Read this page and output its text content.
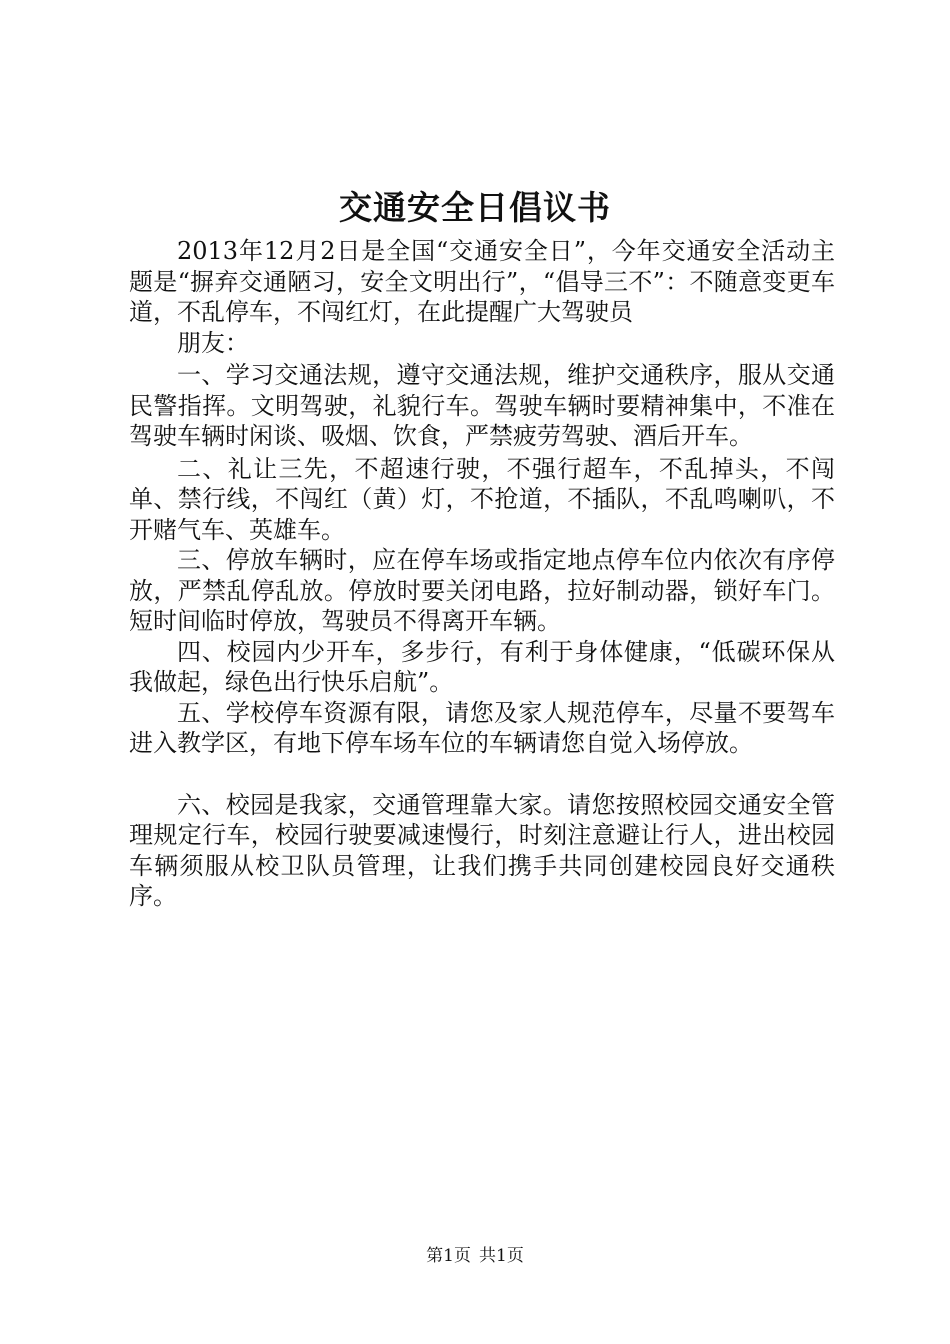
交通安全日倡议书

2013年12月2日是全国“交通安全日”，今年交通安全活动主题是“摒弃交通陋习，安全文明出行”，“倡导三不”：不随意变更车道，不乱停车，不闯红灯，在此提醒广大驾驶员

朋友：

一、学习交通法规，遵守交通法规，维护交通秩序，服从交通民警指挥。文明驾驶，礼貌行车。驾驶车辆时要精神集中，不准在驾驶车辆时闲谈、吸烟、饮食，严禁疲劳驾驶、酒后开车。

二、礼让三先，不超速行驶，不强行超车，不乱掉头，不闯单、禁行线，不闯红（黄）灯，不抢道，不插队，不乱鸣喇叭，不开赌气车、英雄车。

三、停放车辆时，应在停车场或指定地点停车位内依次有序停放，严禁乱停乱放。停放时要关闭电路，拉好制动器，锁好车门。短时间临时停放，驾驶员不得离开车辆。

四、校园内少开车，多步行，有利于身体健康，“低碳环保从我做起，绿色出行快乐启航”。

五、学校停车资源有限，请您及家人规范停车，尽量不要驾车进入教学区，有地下停车场车位的车辆请您自觉入场停放。

六、校园是我家，交通管理靠大家。请您按照校园交通安全管理规定行车，校园行驶要减速慢行，时刻注意避让行人，进出校园车辆须服从校卫队员管理，让我们携手共同创建校园良好交通秩序。

第1页 共1页
